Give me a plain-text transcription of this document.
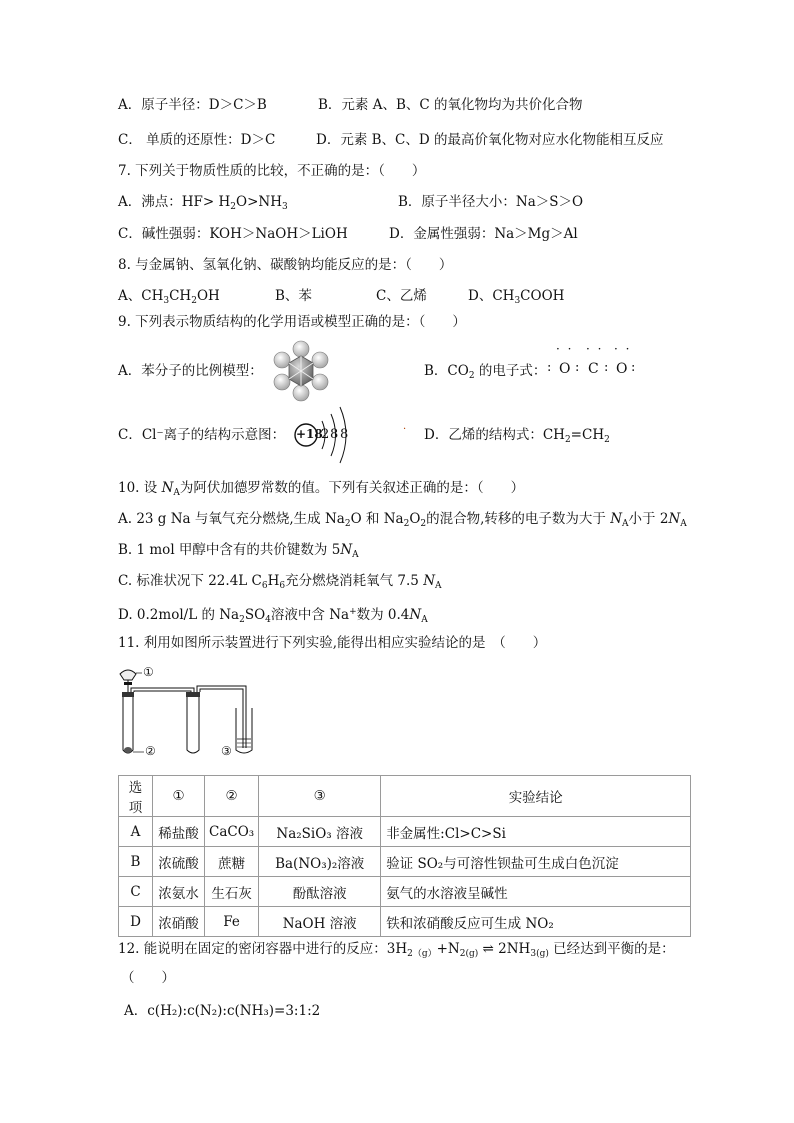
A．原子半径：D＞C＞B	B．元素 A、B、C 的氧化物均为共价化合物
C． 单质的还原性：D＞C	D．元素 B、C、D 的最高价氧化物对应水化物能相互反应
7. 下列关于物质性质的比较，不正确的是：（　　）
A．沸点：$HF> H_2O>NH_3$	B．原子半径大小：Na＞S＞O
C．碱性强弱：KOH＞NaOH＞LiOH	D．金属性强弱：Na＞Mg＞Al
8. 与金属钠、氢氧化钠、碳酸钠均能反应的是：（　　）
A、$CH_3CH_2OH$	B、苯	C、乙烯	D、$CH_3COOH$
9. 下列表示物质结构的化学用语或模型正确的是：（　　）
A．苯分子的比例模型：	B．$CO_2$ 的电子式：
· · · · · ·
: O : C : O :
C．Cl⁻离子的结构示意图： +18
2 8 8	· D．乙烯的结构式：$CH_2=CH_2$
10. 设 $N_A$为阿伏加德罗常数的值。下列有关叙述正确的是：（　　）
A. 23 g Na 与氧气充分燃烧,生成 $Na_2O$ 和 $Na_2O_2$的混合物,转移的电子数为大于 $N_A$小于 $2N_A$
B. 1 mol 甲醇中含有的共价键数为 $5N_A$
C. 标准状况下 22.4L $C_6H_6$充分燃烧消耗氧气 7.5 $N_A$
D. 0.2mol/L 的 $Na_2SO_4$溶液中含 Na+数为 $0.4N_A$
11. 利用如图所示装置进行下列实验,能得出相应实验结论的是　（　　）
①
②	③
选项	①	②	③	实验结论
A	稀盐酸	CaCO₃	Na₂SiO₃ 溶液	非金属性:Cl>C>Si
B	浓硫酸	蔗糖	Ba(NO₃)₂溶液	验证 SO₂与可溶性钡盐可生成白色沉淀
C	浓氨水	生石灰	酚酞溶液	氨气的水溶液呈碱性
D	浓硝酸	Fe	NaOH 溶液	铁和浓硝酸反应可生成 NO₂
12. 能说明在固定的密闭容器中进行的反应：$3H_{2(g)}+N_{2(g)}$ ⇌ $2NH_{3(g)}$ 已经达到平衡的是：
（　　）
A．c(H₂):c(N₂):c(NH₃)=3:1:2
